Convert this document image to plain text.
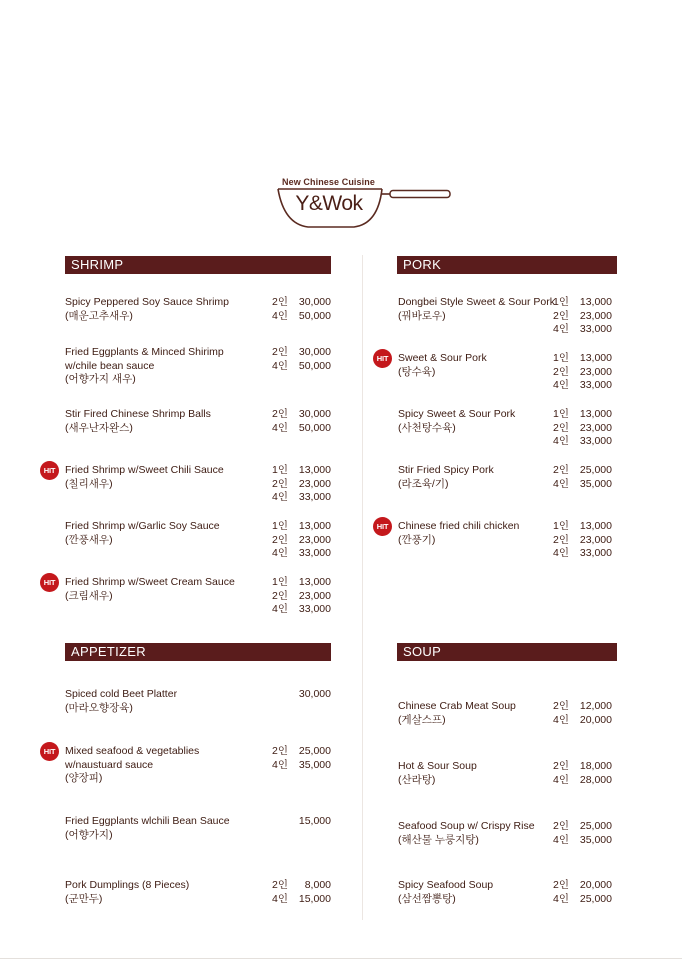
New Chinese Cuisine
Y&Wok
SHRIMP	PORK
APPETIZER	SOUP
Spicy Peppered Soy Sauce Shrimp
(매운고추새우)
2인 30,000
4인 50,000
Fried Eggplants & Minced Shirimp
w/chile bean sauce
(어향가지 새우)
2인 30,000
4인 50,000
Stir Fired Chinese Shrimp Balls
(새우난자완스)
2인 30,000
4인 50,000
Fried Shrimp w/Sweet Chili Sauce
(칠리새우)
1인 13,000
2인 23,000
4인 33,000
HIT
Fried Shrimp w/Garlic Soy Sauce
(깐풍새우)
1인 13,000
2인 23,000
4인 33,000
Fried Shrimp w/Sweet Cream Sauce
(크림새우)
1인 13,000
2인 23,000
4인 33,000
HIT
Dongbei Style Sweet & Sour Pork
(꿔바로우)
1인 13,000
2인 23,000
4인 33,000
Sweet & Sour Pork
(탕수육)
1인 13,000
2인 23,000
4인 33,000
HIT
Spicy Sweet & Sour Pork
(사천탕수육)
1인 13,000
2인 23,000
4인 33,000
Stir Fried Spicy Pork
(라조육/기)
2인 25,000
4인 35,000
Chinese fried chili chicken
(깐풍기)
1인 13,000
2인 23,000
4인 33,000
HIT
Spiced cold Beet Platter
(마라오향장육)
30,000
Mixed seafood & vegetablies
w/naustuard sauce
(양장피)
2인 25,000
4인 35,000
HIT
Fried Eggplants wlchili Bean Sauce
(어향가지)
15,000
Pork Dumplings (8 Pieces)
(군만두)
2인 8,000
4인 15,000
Chinese Crab Meat Soup
(게살스프)
2인 12,000
4인 20,000
Hot & Sour Soup
(산라탕)
2인 18,000
4인 28,000
Seafood Soup w/ Crispy Rise
(해산물 누룽지탕)
2인 25,000
4인 35,000
Spicy Seafood Soup
(삼선짬뽕탕)
2인 20,000
4인 25,000
